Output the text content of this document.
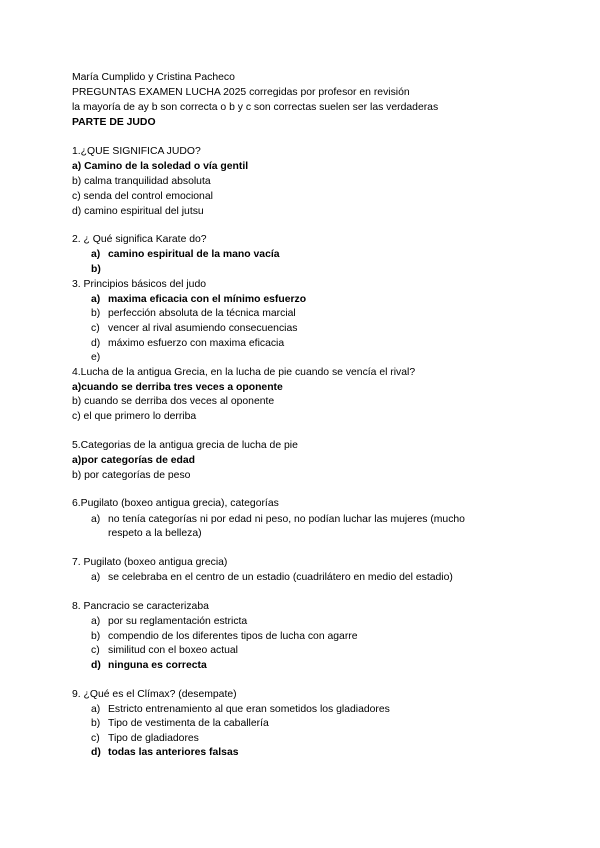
María Cumplido y Cristina Pacheco
PREGUNTAS EXAMEN LUCHA 2025 corregidas por profesor en revisión
la mayoría de ay b son correcta o b y c son correctas suelen ser las verdaderas
PARTE DE JUDO
1.¿QUE SIGNIFICA JUDO?
a) Camino de la soledad o vía gentil
b) calma tranquilidad absoluta
c) senda del control emocional
d) camino espiritual del jutsu
2. ¿ Qué significa Karate do?
a) camino espiritual de la mano vacía
b)
3. Principios básicos del judo
a) maxima eficacia con el mínimo esfuerzo
b) perfección absoluta de la técnica marcial
c) vencer al rival asumiendo consecuencias
d) máximo esfuerzo con maxima eficacia
e)
4.Lucha de la antigua Grecia, en la lucha de pie cuando se vencía el rival?
a)cuando se derriba tres veces a oponente
b) cuando se derriba dos veces al oponente
c) el que primero lo derriba
5.Categorias de la antigua grecia de lucha de pie
a)por categorías de edad
b) por categorías de peso
6.Pugilato (boxeo antigua grecia), categorías
a) no tenía categorías ni por edad ni peso, no podían luchar las mujeres (mucho
respeto a la belleza)
7. Pugilato (boxeo antigua grecia)
a) se celebraba en el centro de un estadio (cuadrilátero en medio del estadio)
8. Pancracio se caracterizaba
a) por su reglamentación estricta
b) compendio de los diferentes tipos de lucha con agarre
c) similitud con el boxeo actual
d) ninguna es correcta
9. ¿Qué es el Clímax? (desempate)
a) Estricto entrenamiento al que eran sometidos los gladiadores
b) Tipo de vestimenta de la caballería
c) Tipo de gladiadores
d) todas las anteriores falsas
